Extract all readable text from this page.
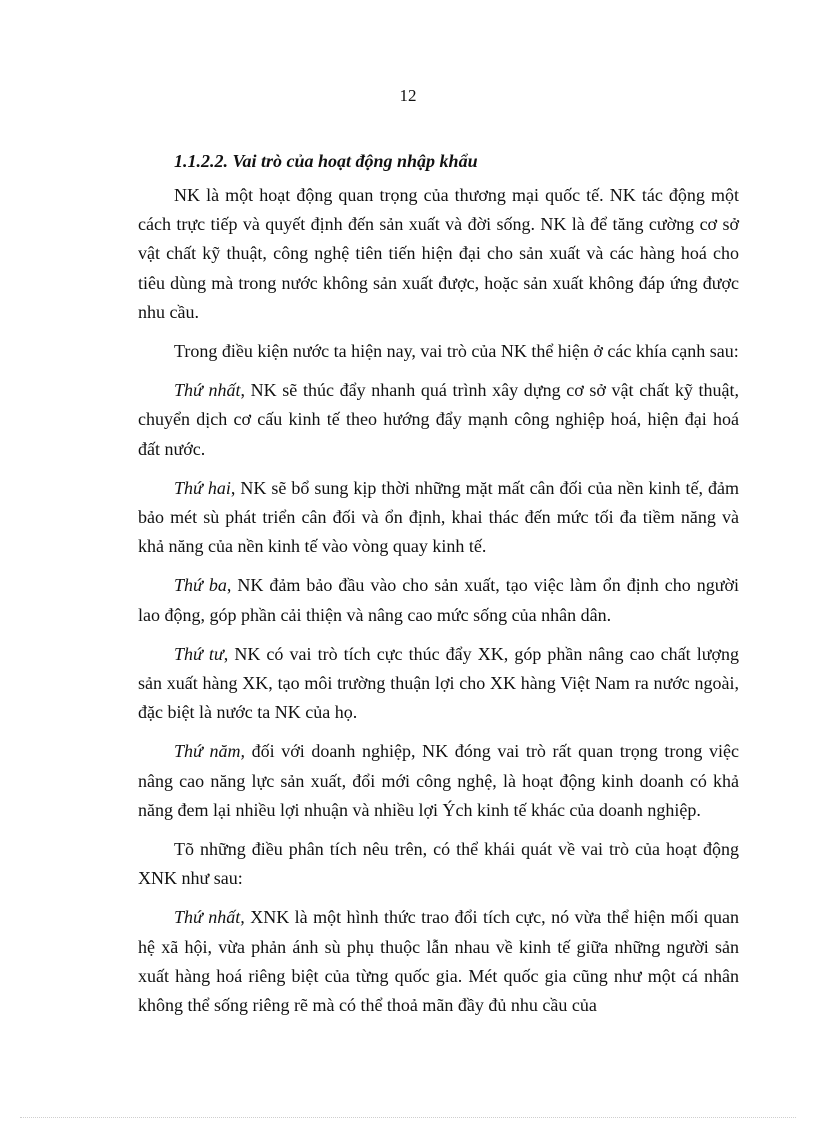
12

1.1.2.2. Vai trò của hoạt động nhập khẩu

NK là một hoạt động quan trọng của thương mại quốc tế. NK tác động một cách trực tiếp và quyết định đến sản xuất và đời sống. NK là để tăng cường cơ sở vật chất kỹ thuật, công nghệ tiên tiến hiện đại cho sản xuất và các hàng hoá cho tiêu dùng mà trong nước không sản xuất được, hoặc sản xuất không đáp ứng được nhu cầu.

Trong điều kiện nước ta hiện nay, vai trò của NK thể hiện ở các khía cạnh sau:

Thứ nhất, NK sẽ thúc đẩy nhanh quá trình xây dựng cơ sở vật chất kỹ thuật, chuyển dịch cơ cấu kinh tế theo hướng đẩy mạnh công nghiệp hoá, hiện đại hoá đất nước.

Thứ hai, NK sẽ bổ sung kịp thời những mặt mất cân đối của nền kinh tế, đảm bảo mét sù phát triển cân đối và ổn định, khai thác đến mức tối đa tiềm năng và khả năng của nền kinh tế vào vòng quay kinh tế.

Thứ ba, NK đảm bảo đầu vào cho sản xuất, tạo việc làm ổn định cho người lao động, góp phần cải thiện và nâng cao mức sống của nhân dân.

Thứ tư, NK có vai trò tích cực thúc đẩy XK, góp phần nâng cao chất lượng sản xuất hàng XK, tạo môi trường thuận lợi cho XK hàng Việt Nam ra nước ngoài, đặc biệt là nước ta NK của họ.

Thứ năm, đối với doanh nghiệp, NK đóng vai trò rất quan trọng trong việc nâng cao năng lực sản xuất, đổi mới công nghệ, là hoạt động kinh doanh có khả năng đem lại nhiều lợi nhuận và nhiều lợi Ých kinh tế khác của doanh nghiệp.

Tõ những điều phân tích nêu trên, có thể khái quát về vai trò của hoạt động XNK như sau:

Thứ nhất, XNK là một hình thức trao đổi tích cực, nó vừa thể hiện mối quan hệ xã hội, vừa phản ánh sù phụ thuộc lẫn nhau về kinh tế giữa những người sản xuất hàng hoá riêng biệt của từng quốc gia. Mét quốc gia cũng như một cá nhân không thể sống riêng rẽ mà có thể thoả mãn đầy đủ nhu cầu của
